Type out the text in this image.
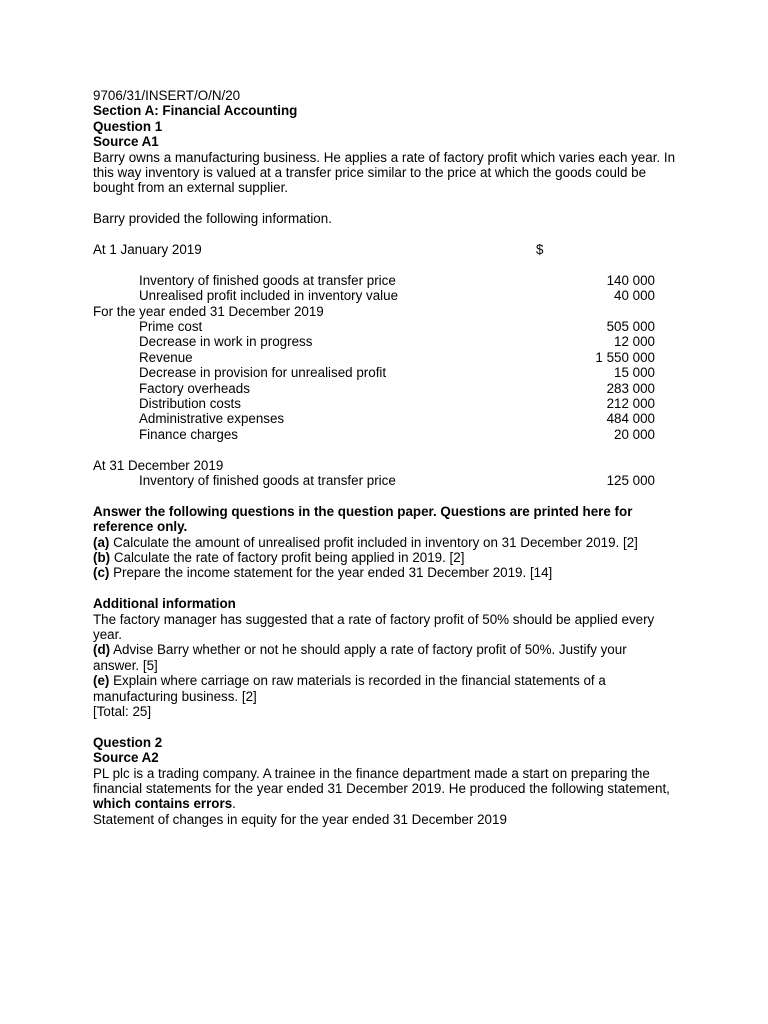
9706/31/INSERT/O/N/20

Section A: Financial Accounting

Question 1

Source A1

Barry owns a manufacturing business. He applies a rate of factory profit which varies each year. In this way inventory is valued at a transfer price similar to the price at which the goods could be bought from an external supplier.

Barry provided the following information.

At 1 January 2019	$
Inventory of finished goods at transfer price	140 000
Unrealised profit included in inventory value	40 000

For the year ended 31 December 2019

Prime cost	505 000
Decrease in work in progress	12 000
Revenue	1 550 000
Decrease in provision for unrealised profit	15 000
Factory overheads	283 000
Distribution costs	212 000
Administrative expenses	484 000
Finance charges	20 000

At 31 December 2019

Inventory of finished goods at transfer price	125 000

Answer the following questions in the question paper. Questions are printed here for reference only.

(a) Calculate the amount of unrealised profit included in inventory on 31 December 2019. [2]

(b) Calculate the rate of factory profit being applied in 2019. [2]

(c) Prepare the income statement for the year ended 31 December 2019. [14]

Additional information

The factory manager has suggested that a rate of factory profit of 50% should be applied every year.

(d) Advise Barry whether or not he should apply a rate of factory profit of 50%. Justify your answer. [5]

(e) Explain where carriage on raw materials is recorded in the financial statements of a manufacturing business. [2]

[Total: 25]

Question 2

Source A2

PL plc is a trading company. A trainee in the finance department made a start on preparing the financial statements for the year ended 31 December 2019. He produced the following statement, which contains errors.

Statement of changes in equity for the year ended 31 December 2019
